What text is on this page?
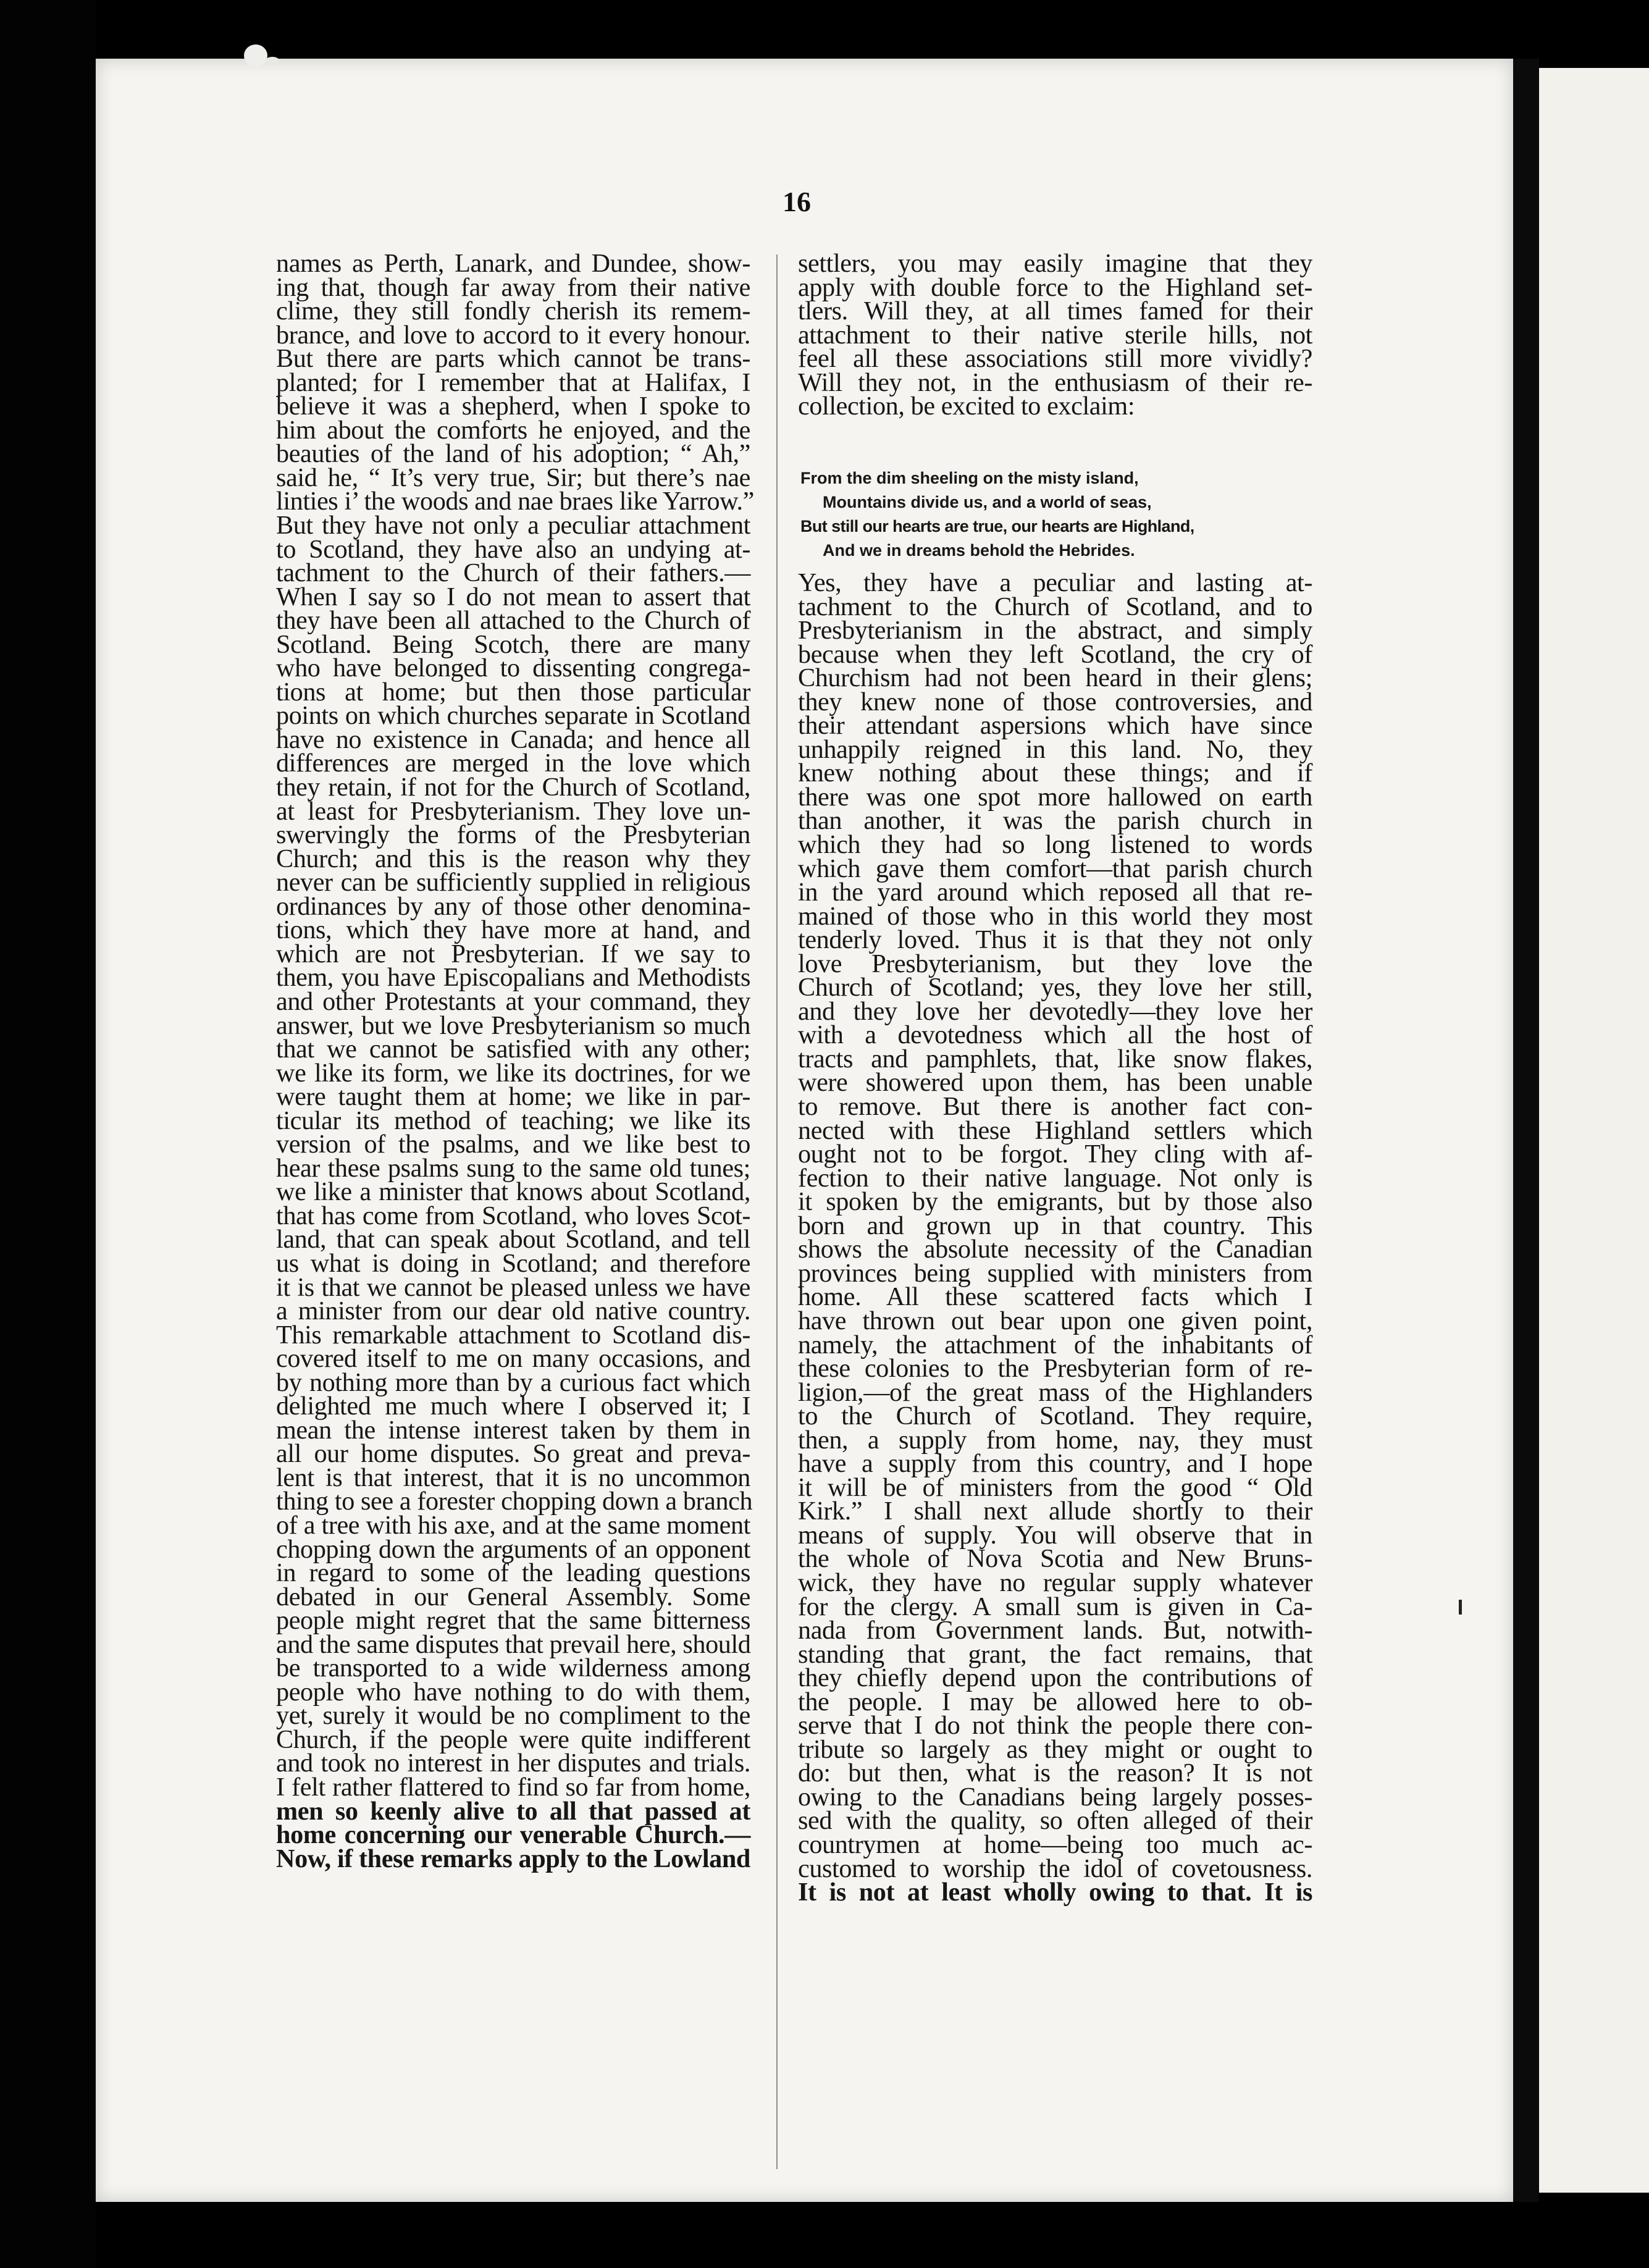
16
names as Perth, Lanark, and Dundee, show-
ing that, though far away from their native
clime, they still fondly cherish its remem-
brance, and love to accord to it every honour.
But there are parts which cannot be trans-
planted; for I remember that at Halifax, I
believe it was a shepherd, when I spoke to
him about the comforts he enjoyed, and the
beauties of the land of his adoption; “ Ah,”
said he, “ It’s very true, Sir; but there’s nae
linties i’ the woods and nae braes like Yarrow.”
But they have not only a peculiar attachment
to Scotland, they have also an undying at-
tachment to the Church of their fathers.—
When I say so I do not mean to assert that
they have been all attached to the Church of
Scotland. Being Scotch, there are many
who have belonged to dissenting congrega-
tions at home; but then those particular
points on which churches separate in Scotland
have no existence in Canada; and hence all
differences are merged in the love which
they retain, if not for the Church of Scotland,
at least for Presbyterianism. They love un-
swervingly the forms of the Presbyterian
Church; and this is the reason why they
never can be sufficiently supplied in religious
ordinances by any of those other denomina-
tions, which they have more at hand, and
which are not Presbyterian. If we say to
them, you have Episcopalians and Methodists
and other Protestants at your command, they
answer, but we love Presbyterianism so much
that we cannot be satisfied with any other;
we like its form, we like its doctrines, for we
were taught them at home; we like in par-
ticular its method of teaching; we like its
version of the psalms, and we like best to
hear these psalms sung to the same old tunes;
we like a minister that knows about Scotland,
that has come from Scotland, who loves Scot-
land, that can speak about Scotland, and tell
us what is doing in Scotland; and therefore
it is that we cannot be pleased unless we have
a minister from our dear old native country.
This remarkable attachment to Scotland dis-
covered itself to me on many occasions, and
by nothing more than by a curious fact which
delighted me much where I observed it; I
mean the intense interest taken by them in
all our home disputes. So great and preva-
lent is that interest, that it is no uncommon
thing to see a forester chopping down a branch
of a tree with his axe, and at the same moment
chopping down the arguments of an opponent
in regard to some of the leading questions
debated in our General Assembly. Some
people might regret that the same bitterness
and the same disputes that prevail here, should
be transported to a wide wilderness among
people who have nothing to do with them,
yet, surely it would be no compliment to the
Church, if the people were quite indifferent
and took no interest in her disputes and trials.
I felt rather flattered to find so far from home,
men so keenly alive to all that passed at
home concerning our venerable Church.—
Now, if these remarks apply to the Lowland
settlers, you may easily imagine that they
apply with double force to the Highland set-
tlers. Will they, at all times famed for their
attachment to their native sterile hills, not
feel all these associations still more vividly?
Will they not, in the enthusiasm of their re-
collection, be excited to exclaim:
From the dim sheeling on the misty island,
Mountains divide us, and a world of seas,
But still our hearts are true, our hearts are Highland,
And we in dreams behold the Hebrides.
Yes, they have a peculiar and lasting at-
tachment to the Church of Scotland, and to
Presbyterianism in the abstract, and simply
because when they left Scotland, the cry of
Churchism had not been heard in their glens;
they knew none of those controversies, and
their attendant aspersions which have since
unhappily reigned in this land. No, they
knew nothing about these things; and if
there was one spot more hallowed on earth
than another, it was the parish church in
which they had so long listened to words
which gave them comfort—that parish church
in the yard around which reposed all that re-
mained of those who in this world they most
tenderly loved. Thus it is that they not only
love Presbyterianism, but they love the
Church of Scotland; yes, they love her still,
and they love her devotedly—they love her
with a devotedness which all the host of
tracts and pamphlets, that, like snow flakes,
were showered upon them, has been unable
to remove. But there is another fact con-
nected with these Highland settlers which
ought not to be forgot. They cling with af-
fection to their native language. Not only is
it spoken by the emigrants, but by those also
born and grown up in that country. This
shows the absolute necessity of the Canadian
provinces being supplied with ministers from
home. All these scattered facts which I
have thrown out bear upon one given point,
namely, the attachment of the inhabitants of
these colonies to the Presbyterian form of re-
ligion,—of the great mass of the Highlanders
to the Church of Scotland. They require,
then, a supply from home, nay, they must
have a supply from this country, and I hope
it will be of ministers from the good “ Old
Kirk.” I shall next allude shortly to their
means of supply. You will observe that in
the whole of Nova Scotia and New Bruns-
wick, they have no regular supply whatever
for the clergy. A small sum is given in Ca-
nada from Government lands. But, notwith-
standing that grant, the fact remains, that
they chiefly depend upon the contributions of
the people. I may be allowed here to ob-
serve that I do not think the people there con-
tribute so largely as they might or ought to
do: but then, what is the reason? It is not
owing to the Canadians being largely posses-
sed with the quality, so often alleged of their
countrymen at home—being too much ac-
customed to worship the idol of covetousness.
It is not at least wholly owing to that. It is
